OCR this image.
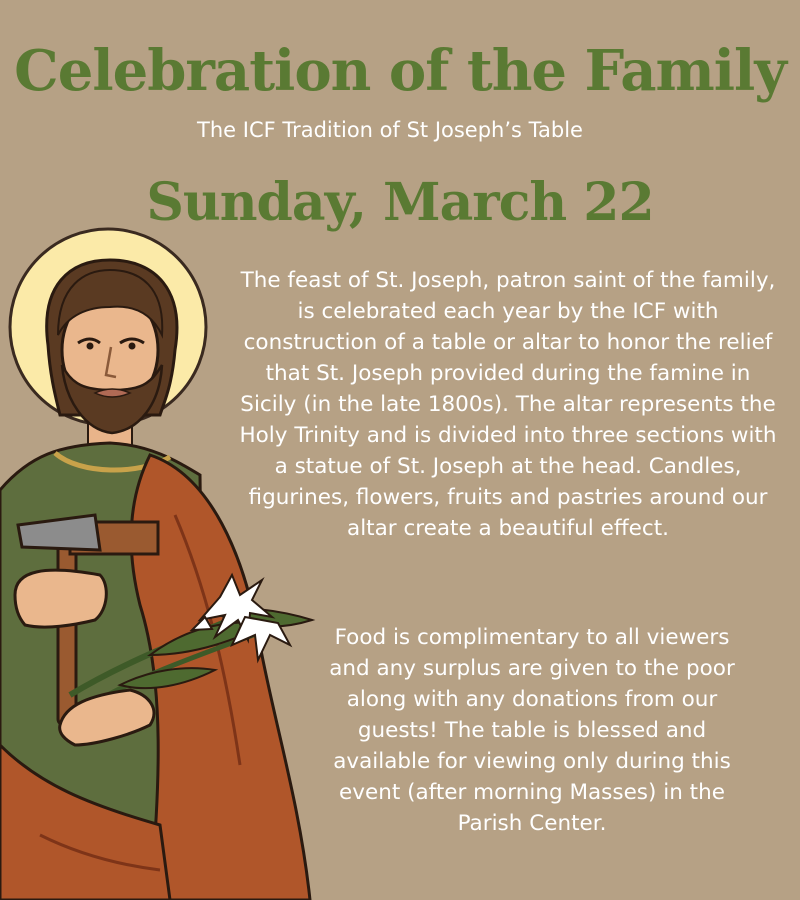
Celebration of the Family

The ICF Tradition of St Joseph’s Table

Sunday, March 22

The feast of St. Joseph, patron saint of the family, is celebrated each year by the ICF with construction of a table or altar to honor the relief that St. Joseph provided during the famine in Sicily (in the late 1800s). The altar represents the Holy Trinity and is divided into three sections with a statue of St. Joseph at the head. Candles, figurines, flowers, fruits and pastries around our altar create a beautiful effect.

Food is complimentary to all viewers and any surplus are given to the poor along with any donations from our guests! The table is blessed and available for viewing only during this event (after morning Masses) in the Parish Center.
